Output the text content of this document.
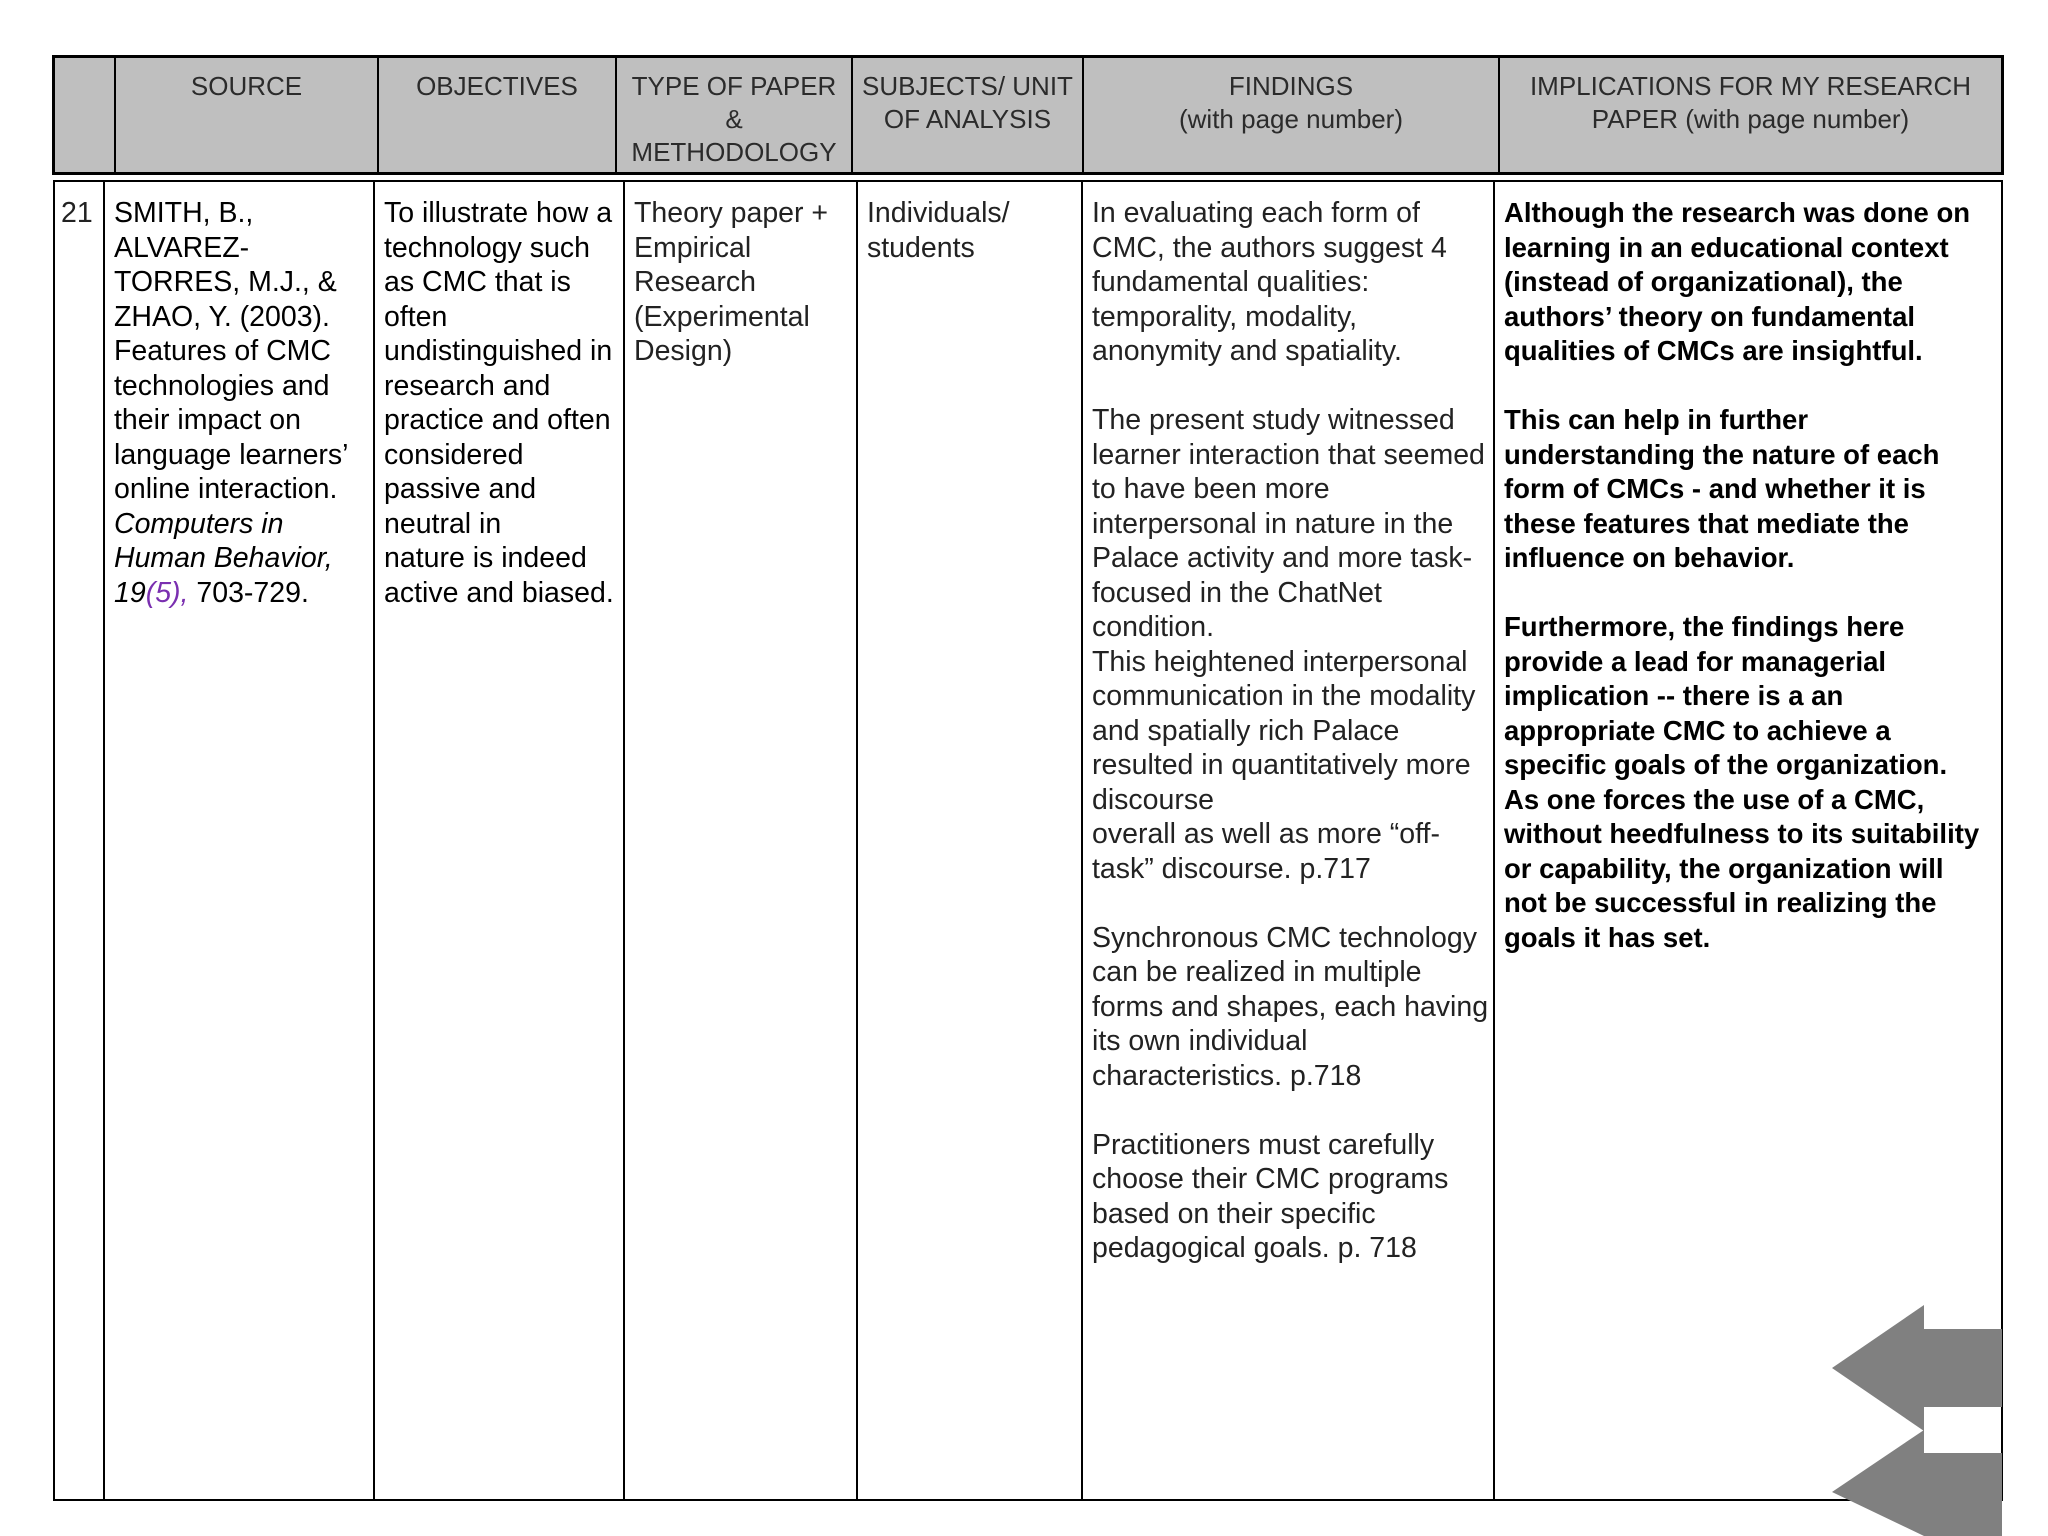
SOURCE	OBJECTIVES	TYPE OF PAPER
&
METHODOLOGY
SUBJECTS/ UNIT
OF ANALYSIS
FINDINGS
(with page number)
IMPLICATIONS FOR MY RESEARCH
PAPER (with page number)
21 SMITH, B.,
ALVAREZ-
TORRES, M.J., &
ZHAO, Y. (2003).
Features of CMC
technologies and
their impact on
language learners’
online interaction.
Computers in
Human Behavior,
19(5), 703-729.
To illustrate how a
technology such
as CMC that is
often
undistinguished in
research and
practice and often
considered
passive and
neutral in
nature is indeed
active and biased.
Theory paper +
Empirical
Research
(Experimental
Design)
Individuals/
students
In evaluating each form of
CMC, the authors suggest 4
fundamental qualities:
temporality, modality,
anonymity and spatiality.
The present study witnessed
learner interaction that seemed
to have been more
interpersonal in nature in the
Palace activity and more task-
focused in the ChatNet
condition.
This heightened interpersonal
communication in the modality
and spatially rich Palace
resulted in quantitatively more
discourse
overall as well as more “off-
task” discourse. p.717
Synchronous CMC technology
can be realized in multiple
forms and shapes, each having
its own individual
characteristics. p.718
Practitioners must carefully
choose their CMC programs
based on their specific
pedagogical goals. p. 718
Although the research was done on
learning in an educational context
(instead of organizational), the
authors’ theory on fundamental
qualities of CMCs are insightful.
This can help in further
understanding the nature of each
form of CMCs - and whether it is
these features that mediate the
influence on behavior.
Furthermore, the findings here
provide a lead for managerial
implication -- there is a an
appropriate CMC to achieve a
specific goals of the organization.
As one forces the use of a CMC,
without heedfulness to its suitability
or capability, the organization will
not be successful in realizing the
goals it has set.
